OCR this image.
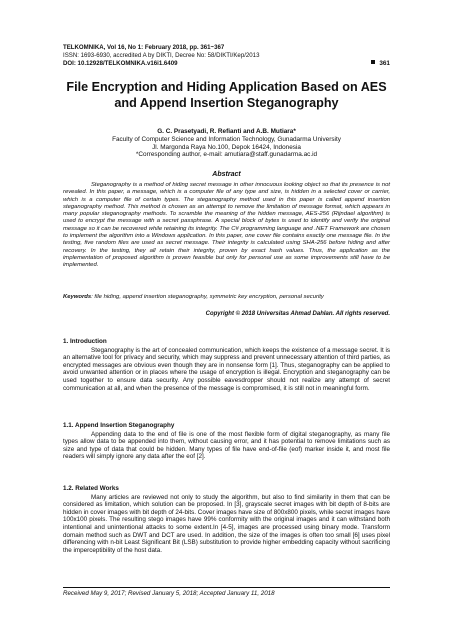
TELKOMNIKA, Vol 16, No 1: February 2018, pp. 361~367
ISSN: 1693-6930, accredited A by DIKTI, Decree No: 58/DIKTI/Kep/2013
DOI: 10.12928/TELKOMNIKA.v16i1.6409	361
File Encryption and Hiding Application Based on AES
and Append Insertion Steganography
G. C. Prasetyadi, R. Refianti and A.B. Mutiara*
Faculty of Computer Science and Information Technology, Gunadarma University
Jl. Margonda Raya No.100, Depok 16424, Indonesia
*Corresponding author, e-mail: amutiara@staff.gunadarma.ac.id
Abstract
Steganography is a method of hiding secret message in other innocuous looking object so that its presence is not revealed. In this paper, a message, which is a computer file of any type and size, is hidden in a selected cover or carrier, which is a computer file of certain types. The steganography method used in this paper is called append insertion steganography method. This method is chosen as an attempt to remove the limitation of message format, which appears in many popular steganography methods. To scramble the meaning of the hidden message, AES-256 (Rijndael algorithm) is used to encrypt the message with a secret passphrase. A special block of bytes is used to identify and verify the original message so it can be recovered while retaining its integrity. The C# programming language and .NET Framework are chosen to implement the algorithm into a Windows application. In this paper, one cover file contains exactly one message file. In the testing, five random files are used as secret message. Their integrity is calculated using SHA-256 before hiding and after recovery. In the testing, they all retain their integrity, proven by exact hash values. Thus, the application as the implementation of proposed algorithm is proven feasible but only for personal use as some improvements still have to be implemented.
Keywords: file hiding, append insertion steganography, symmetric key encryption, personal security
Copyright © 2018 Universitas Ahmad Dahlan. All rights reserved.
1. Introduction

Steganography is the art of concealed communication, which keeps the existence of a message secret. It is an alternative tool for privacy and security, which may suppress and prevent unnecessary attention of third parties, as encrypted messages are obvious even though they are in nonsense form [1]. Thus, steganography can be applied to avoid unwanted attention or in places where the usage of encryption is illegal. Encryption and steganography can be used together to ensure data security. Any possible eavesdropper should not realize any attempt of secret communication at all, and when the presence of the message is compromised, it is still not in meaningful form.

1.1. Append Insertion Steganography

Appending data to the end of file is one of the most flexible form of digital steganography, as many file types allow data to be appended into them, without causing error, and it has potential to remove limitations such as size and type of data that could be hidden. Many types of file have end-of-file (eof) marker inside it, and most file readers will simply ignore any data after the eof [2].

1.2. Related Works

Many articles are reviewed not only to study the algorithm, but also to find similarity in them that can be considered as limitation, which solution can be proposed. In [3], grayscale secret images with bit depth of 8-bits are hidden in cover images with bit depth of 24-bits. Cover images have size of 800x800 pixels, while secret images have 100x100 pixels. The resulting stego images have 99% conformity with the original images and it can withstand both intentional and unintentional attacks to some extent.In [4-5], images are processed using binary mode. Transform domain method such as DWT and DCT are used. In addition, the size of the images is often too small [6] uses pixel differencing with n-bit Least Significant Bit (LSB) substitution to provide higher embedding capacity without sacrificing the imperceptibility of the host data.

Received May 9, 2017; Revised January 5, 2018; Accepted January 11, 2018
